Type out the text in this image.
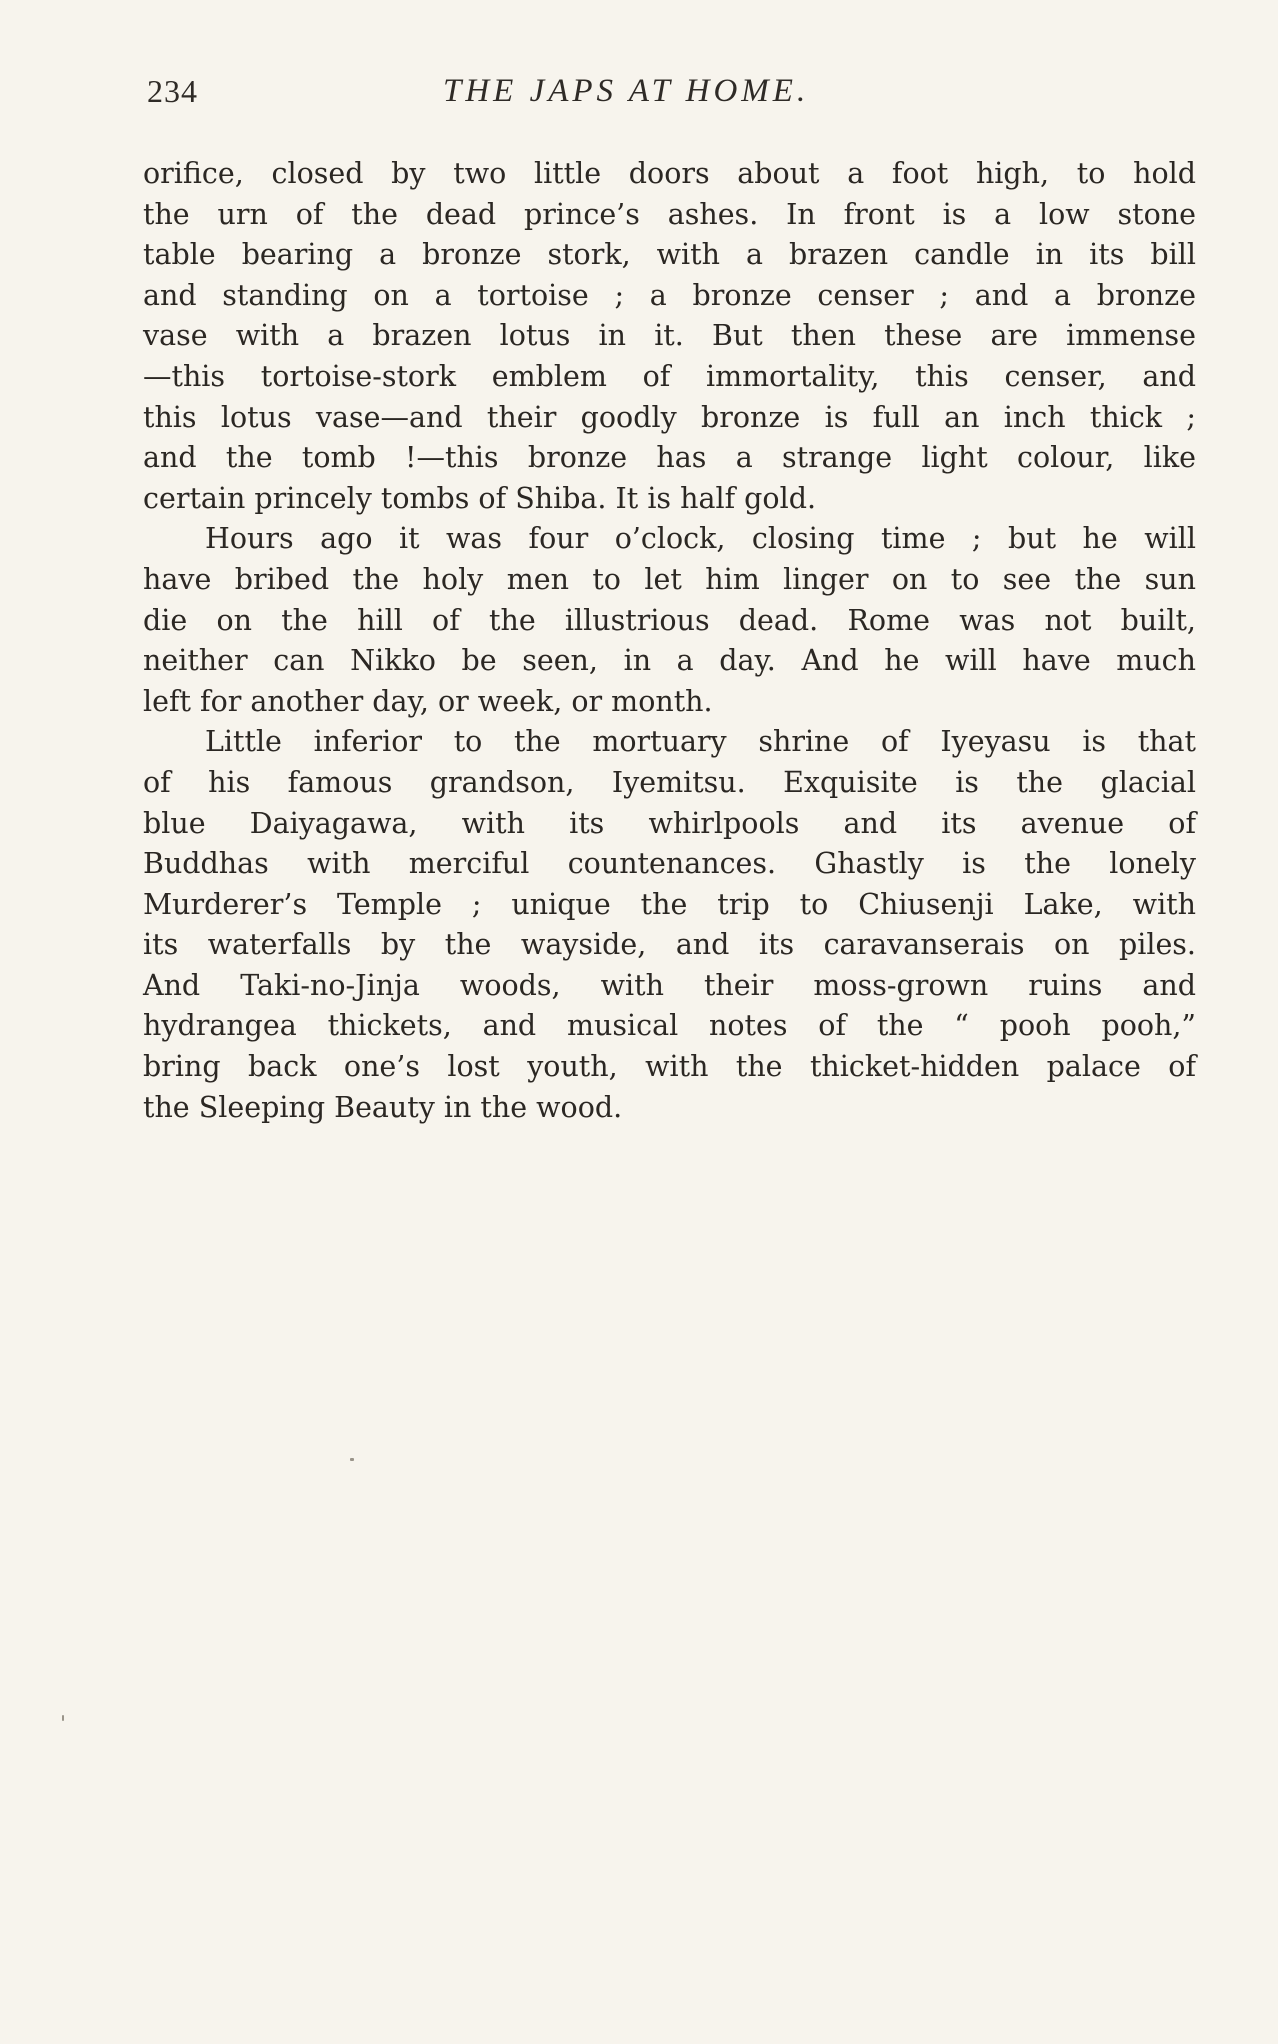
234	THE JAPS AT HOME.
orifice, closed by two little doors about a foot high, to hold
the urn of the dead prince’s ashes. In front is a low stone
table bearing a bronze stork, with a brazen candle in its bill
and standing on a tortoise ; a bronze censer ; and a bronze
vase with a brazen lotus in it. But then these are immense
—this tortoise-stork emblem of immortality, this censer, and
this lotus vase—and their goodly bronze is full an inch thick ;
and the tomb !—this bronze has a strange light colour, like
certain princely tombs of Shiba. It is half gold.
Hours ago it was four o’clock, closing time ; but he will
have bribed the holy men to let him linger on to see the sun
die on the hill of the illustrious dead. Rome was not built,
neither can Nikko be seen, in a day. And he will have much
left for another day, or week, or month.
Little inferior to the mortuary shrine of Iyeyasu is that
of his famous grandson, Iyemitsu. Exquisite is the glacial
blue Daiyagawa, with its whirlpools and its avenue of
Buddhas with merciful countenances. Ghastly is the lonely
Murderer’s Temple ; unique the trip to Chiusenji Lake, with
its waterfalls by the wayside, and its caravanserais on piles.
And Taki-no-Jinja woods, with their moss-grown ruins and
hydrangea thickets, and musical notes of the “ pooh pooh,”
bring back one’s lost youth, with the thicket-hidden palace of
the Sleeping Beauty in the wood.
